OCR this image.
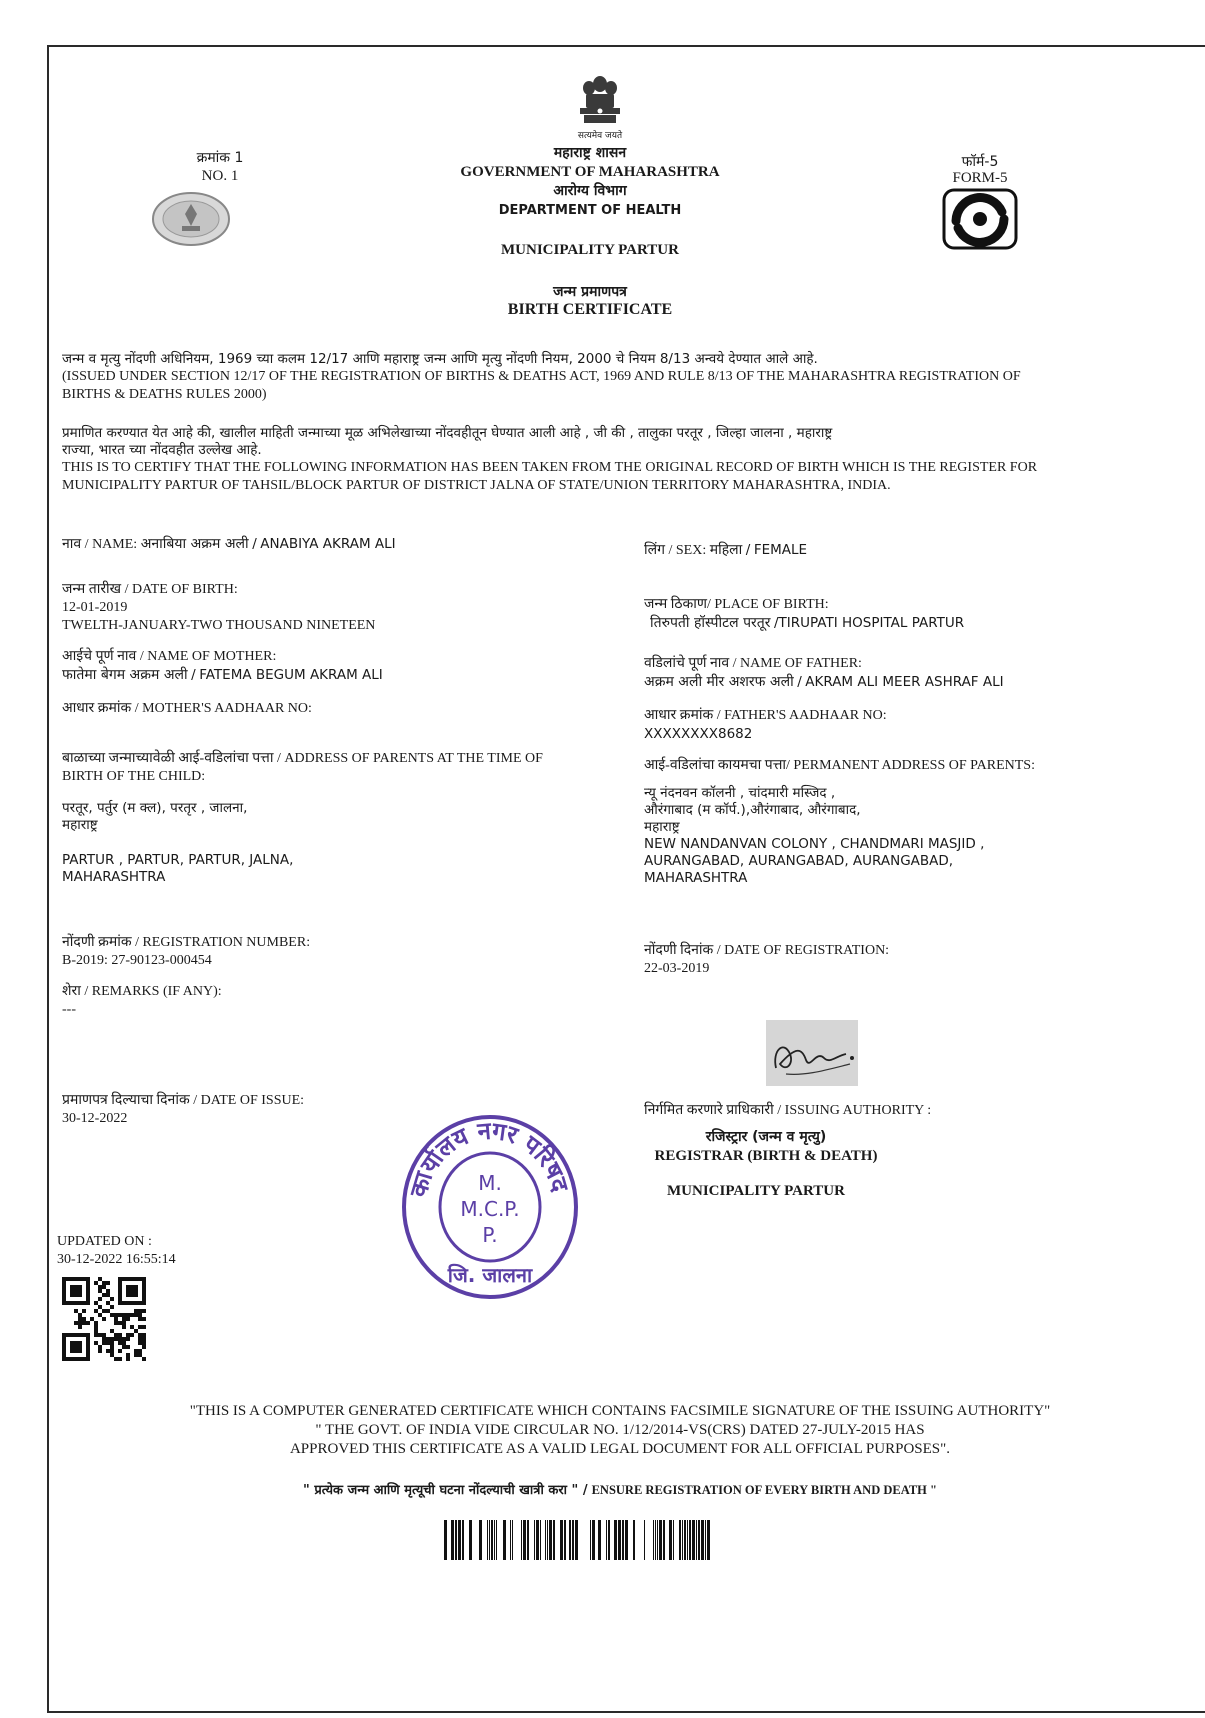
सत्यमेव जयते
क्रमांक 1
NO. 1
फॉर्म-5
FORM-5
महाराष्ट्र शासन
GOVERNMENT OF MAHARASHTRA
आरोग्य विभाग
DEPARTMENT OF HEALTH
MUNICIPALITY PARTUR
जन्म प्रमाणपत्र
BIRTH CERTIFICATE
जन्म व मृत्यु नोंदणी अधिनियम, 1969 च्या कलम 12/17 आणि महाराष्ट्र जन्म आणि मृत्यु नोंदणी नियम, 2000 चे नियम 8/13 अन्वये देण्यात आले आहे.
(ISSUED UNDER SECTION 12/17 OF THE REGISTRATION OF BIRTHS & DEATHS ACT, 1969 AND RULE 8/13 OF THE MAHARASHTRA REGISTRATION OF
BIRTHS & DEATHS RULES 2000)
प्रमाणित करण्यात येत आहे की, खालील माहिती जन्माच्या मूळ अभिलेखाच्या नोंदवहीतून घेण्यात आली आहे , जी की , तालुका परतूर , जिल्हा जालना , महाराष्ट्र
राज्या, भारत च्या नोंदवहीत उल्लेख आहे.
THIS IS TO CERTIFY THAT THE FOLLOWING INFORMATION HAS BEEN TAKEN FROM THE ORIGINAL RECORD OF BIRTH WHICH IS THE REGISTER FOR
MUNICIPALITY PARTUR OF TAHSIL/BLOCK PARTUR OF DISTRICT JALNA OF STATE/UNION TERRITORY MAHARASHTRA, INDIA.
नाव / NAME: अनाबिया अक्रम अली / ANABIYA AKRAM ALI	लिंग / SEX: महिला / FEMALE
जन्म तारीख / DATE OF BIRTH:
12-01-2019
TWELTH-JANUARY-TWO THOUSAND NINETEEN
जन्म ठिकाण/ PLACE OF BIRTH:
तिरुपती हॉस्पीटल परतूर /TIRUPATI HOSPITAL PARTUR
आईचे पूर्ण नाव / NAME OF MOTHER:
फातेमा बेगम अक्रम अली / FATEMA BEGUM AKRAM ALI
वडिलांचे पूर्ण नाव / NAME OF FATHER:
अक्रम अली मीर अशरफ अली / AKRAM ALI MEER ASHRAF ALI
आधार क्रमांक / MOTHER'S AADHAAR NO:	आधार क्रमांक / FATHER'S AADHAAR NO:
XXXXXXXX8682
बाळाच्या जन्माच्यावेळी आई-वडिलांचा पत्ता / ADDRESS OF PARENTS AT THE TIME OF
BIRTH OF THE CHILD:
परतूर, पर्तुर (म क्ल), परतृर , जालना,
महाराष्ट्र
PARTUR , PARTUR, PARTUR, JALNA,
MAHARASHTRA
आई-वडिलांचा कायमचा पत्ता/ PERMANENT ADDRESS OF PARENTS:
न्यू नंदनवन कॉलनी , चांदमारी मस्जिद ,
औरंगाबाद (म कॉर्प.),औरंगाबाद, औरंगाबाद,
महाराष्ट्र
NEW NANDANVAN COLONY , CHANDMARI MASJID ,
AURANGABAD, AURANGABAD, AURANGABAD,
MAHARASHTRA
नोंदणी क्रमांक / REGISTRATION NUMBER:
B-2019: 27-90123-000454
नोंदणी दिनांक / DATE OF REGISTRATION:
22-03-2019
शेरा / REMARKS (IF ANY):
---
प्रमाणपत्र दिल्याचा दिनांक / DATE OF ISSUE:
30-12-2022
निर्गमित करणारे प्राधिकारी / ISSUING AUTHORITY :
रजिस्ट्रार (जन्म व मृत्यु)
REGISTRAR (BIRTH & DEATH)
MUNICIPALITY PARTUR
कार्यालय नगर परिषद
M.
M.C.P.
P.
जि. जालना
UPDATED ON :
30-12-2022 16:55:14
"THIS IS A COMPUTER GENERATED CERTIFICATE WHICH CONTAINS FACSIMILE SIGNATURE OF THE ISSUING AUTHORITY"
" THE GOVT. OF INDIA VIDE CIRCULAR NO. 1/12/2014-VS(CRS) DATED 27-JULY-2015 HAS
APPROVED THIS CERTIFICATE AS A VALID LEGAL DOCUMENT FOR ALL OFFICIAL PURPOSES".
" प्रत्येक जन्म आणि मृत्यूची घटना नोंदल्याची खात्री करा " / ENSURE REGISTRATION OF EVERY BIRTH AND DEATH "
